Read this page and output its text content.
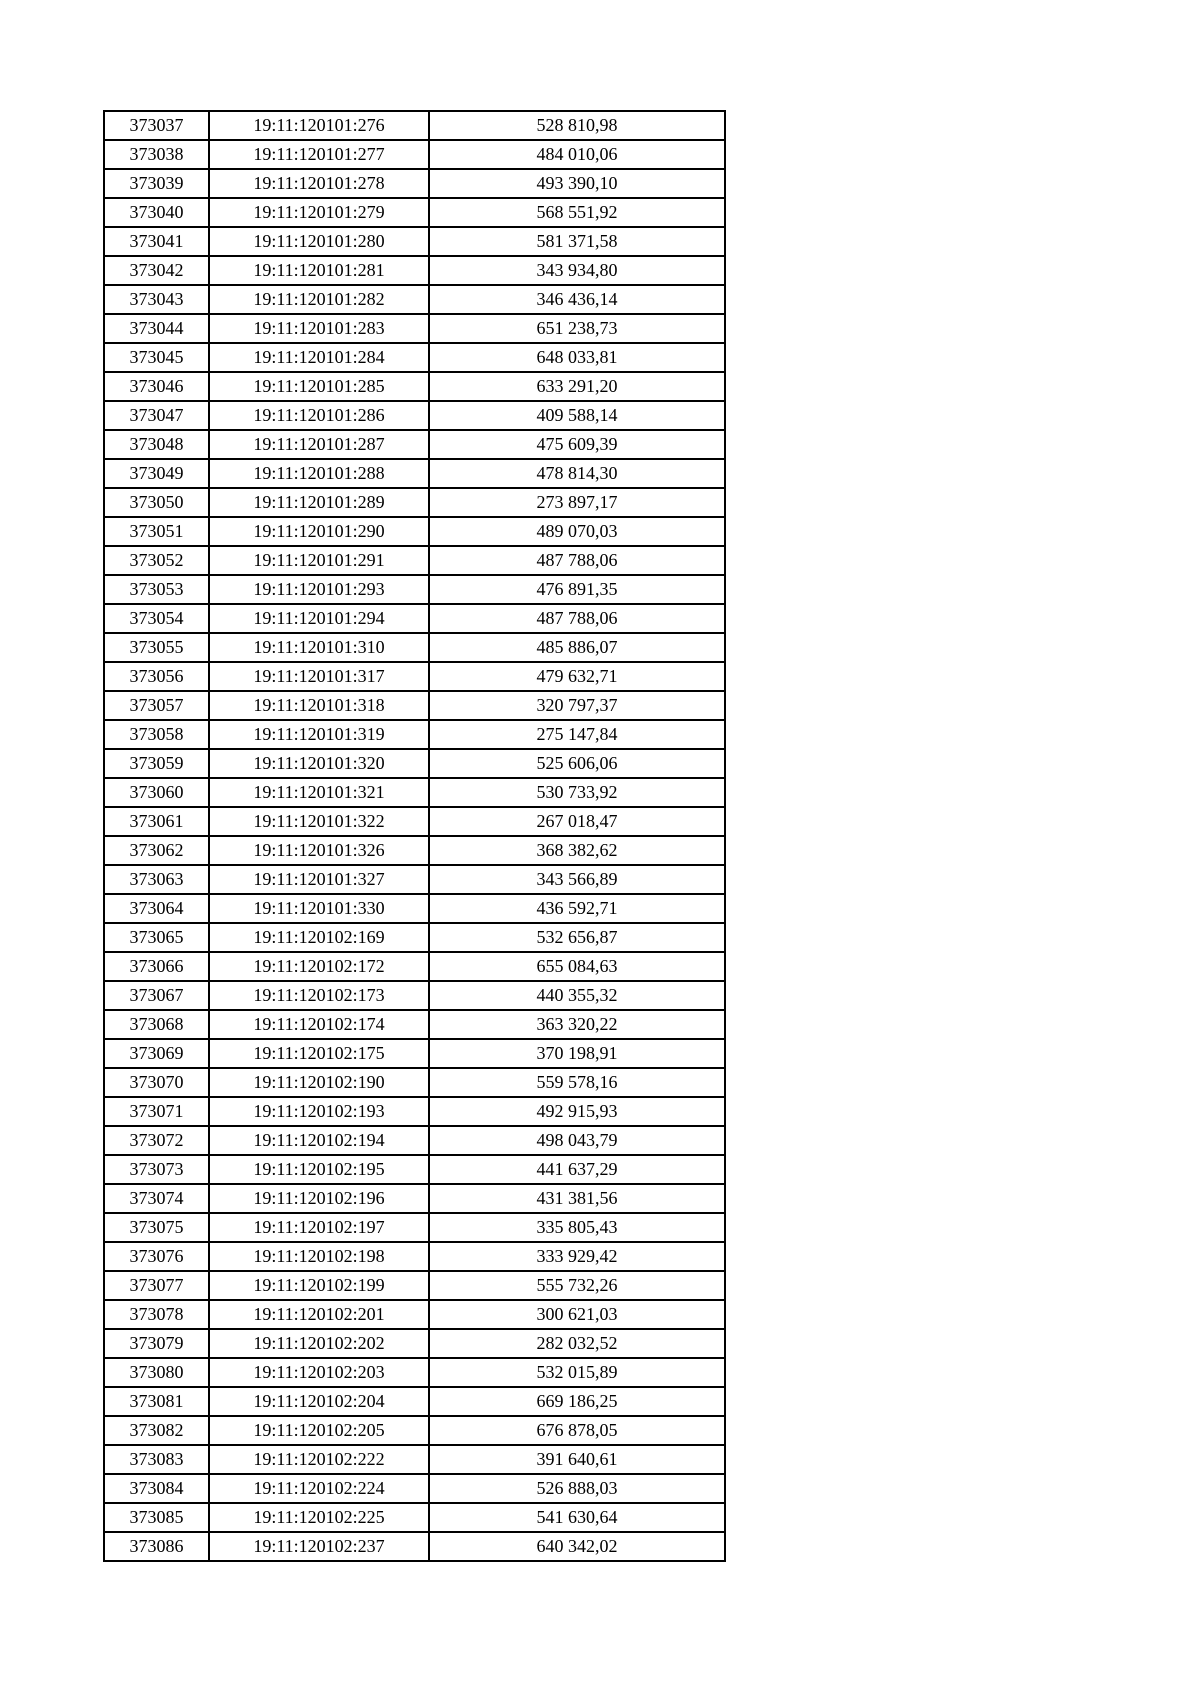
373037	19:11:120101:276	528 810,98
373038	19:11:120101:277	484 010,06
373039	19:11:120101:278	493 390,10
373040	19:11:120101:279	568 551,92
373041	19:11:120101:280	581 371,58
373042	19:11:120101:281	343 934,80
373043	19:11:120101:282	346 436,14
373044	19:11:120101:283	651 238,73
373045	19:11:120101:284	648 033,81
373046	19:11:120101:285	633 291,20
373047	19:11:120101:286	409 588,14
373048	19:11:120101:287	475 609,39
373049	19:11:120101:288	478 814,30
373050	19:11:120101:289	273 897,17
373051	19:11:120101:290	489 070,03
373052	19:11:120101:291	487 788,06
373053	19:11:120101:293	476 891,35
373054	19:11:120101:294	487 788,06
373055	19:11:120101:310	485 886,07
373056	19:11:120101:317	479 632,71
373057	19:11:120101:318	320 797,37
373058	19:11:120101:319	275 147,84
373059	19:11:120101:320	525 606,06
373060	19:11:120101:321	530 733,92
373061	19:11:120101:322	267 018,47
373062	19:11:120101:326	368 382,62
373063	19:11:120101:327	343 566,89
373064	19:11:120101:330	436 592,71
373065	19:11:120102:169	532 656,87
373066	19:11:120102:172	655 084,63
373067	19:11:120102:173	440 355,32
373068	19:11:120102:174	363 320,22
373069	19:11:120102:175	370 198,91
373070	19:11:120102:190	559 578,16
373071	19:11:120102:193	492 915,93
373072	19:11:120102:194	498 043,79
373073	19:11:120102:195	441 637,29
373074	19:11:120102:196	431 381,56
373075	19:11:120102:197	335 805,43
373076	19:11:120102:198	333 929,42
373077	19:11:120102:199	555 732,26
373078	19:11:120102:201	300 621,03
373079	19:11:120102:202	282 032,52
373080	19:11:120102:203	532 015,89
373081	19:11:120102:204	669 186,25
373082	19:11:120102:205	676 878,05
373083	19:11:120102:222	391 640,61
373084	19:11:120102:224	526 888,03
373085	19:11:120102:225	541 630,64
373086	19:11:120102:237	640 342,02
